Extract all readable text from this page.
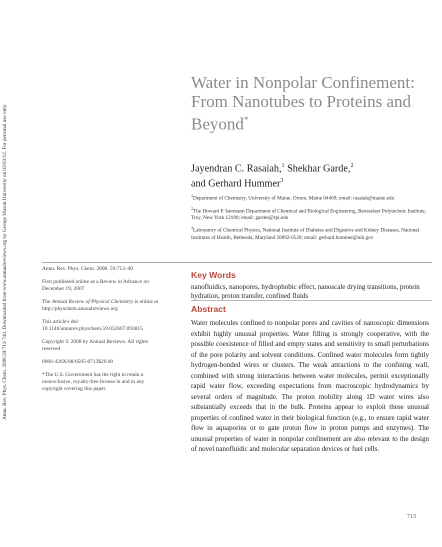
Annu. Rev. Phys. Chem. 2008.59:713-740. Downloaded from www.annualreviews.org by George Mason University on 03/03/12. For personal use only.
Water in Nonpolar Confinement: From Nanotubes to Proteins and Beyond*
Jayendran C. Rasaiah,$^1$ Shekhar Garde,$^2$
and Gerhard Hummer$^3$

$^1$Department of Chemistry, University of Maine, Orono, Maine 04469; email: rasaiah@maine.edu

$^2$The Howard P. Isermann Department of Chemical and Biological Engineering, Rensselaer Polytechnic Institute, Troy, New York 12180; email: gardes@rpi.edu

$^3$Laboratory of Chemical Physics, National Institute of Diabetes and Digestive and Kidney Diseases, National Institutes of Health, Bethesda, Maryland 20892-0520; email: gerhard.hummer@nih.gov

Annu. Rev. Phys. Chem. 2008. 59:713–40

First published online as a Review in Advance on December 19, 2007

The Annual Review of Physical Chemistry is online at http://physchem.annualreviews.org

This article's doi: 10.1146/annurev.physchem.59.032607.093815

Copyright © 2008 by Annual Reviews. All rights reserved

0066-426X/08/0505-0713$20.00

*The U.S. Government has the right to retain a nonexclusive, royalty-free license in and to any copyright covering this paper.

Key Words
nanofluidics, nanopores, hydrophobic effect, nanoscale drying transitions, protein hydration, proton transfer, confined fluids
Abstract
Water molecules confined to nonpolar pores and cavities of nanoscopic dimensions exhibit highly unusual properties. Water filling is strongly cooperative, with the possible coexistence of filled and empty states and sensitivity to small perturbations of the pore polarity and solvent conditions. Confined water molecules form tightly hydrogen-bonded wires or clusters. The weak attractions to the confining wall, combined with strong interactions between water molecules, permit exceptionally rapid water flow, exceeding expectations from macroscopic hydrodynamics by several orders of magnitude. The proton mobility along 1D water wires also substantially exceeds that in the bulk. Proteins appear to exploit these unusual properties of confined water in their biological function (e.g., to ensure rapid water flow in aquaporins or to gate proton flow in proton pumps and enzymes). The unusual properties of water in nonpolar confinement are also relevant to the design of novel nanofluidic and molecular separation devices or fuel cells.
713
